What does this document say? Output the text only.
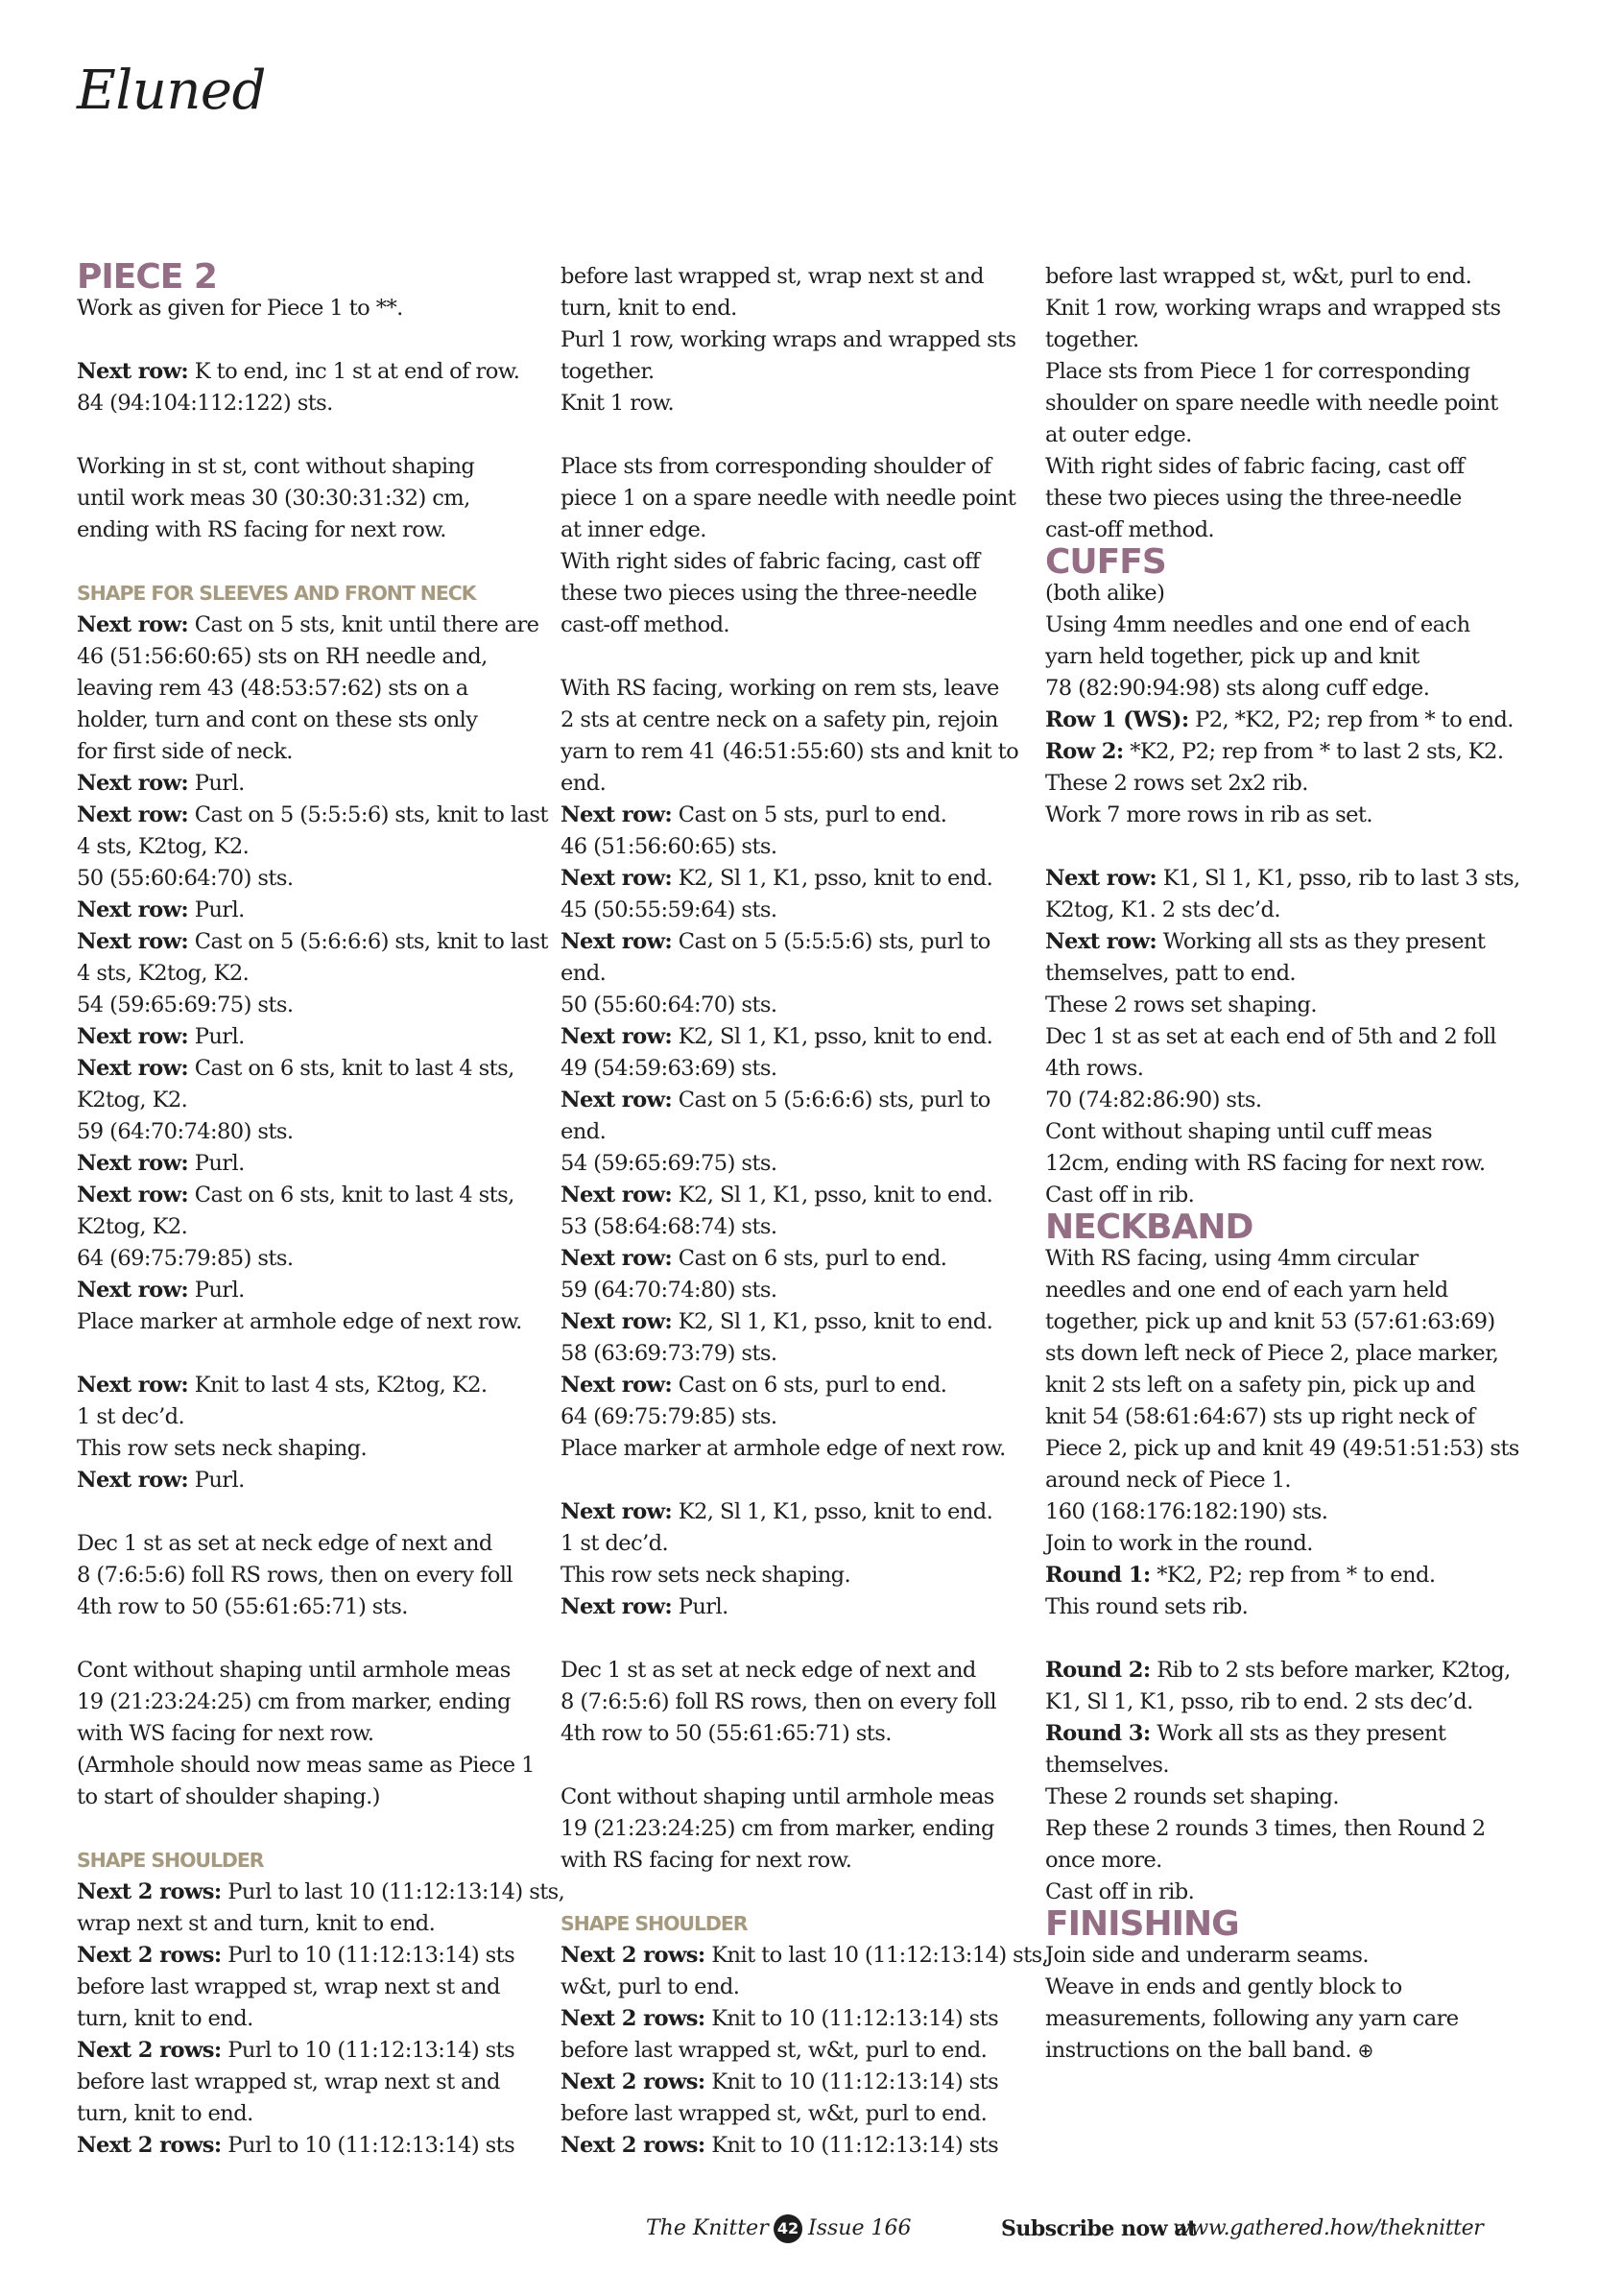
Eluned
PIECE 2
Work as given for Piece 1 to **.
Next row: K to end, inc 1 st at end of row.
84 (94:104:112:122) sts.
Working in st st, cont without shaping
until work meas 30 (30:30:31:32) cm,
ending with RS facing for next row.
SHAPE FOR SLEEVES AND FRONT NECK
Next row: Cast on 5 sts, knit until there are
46 (51:56:60:65) sts on RH needle and,
leaving rem 43 (48:53:57:62) sts on a
holder, turn and cont on these sts only
for first side of neck.
Next row: Purl.
Next row: Cast on 5 (5:5:5:6) sts, knit to last
4 sts, K2tog, K2.
50 (55:60:64:70) sts.
Next row: Purl.
Next row: Cast on 5 (5:6:6:6) sts, knit to last
4 sts, K2tog, K2.
54 (59:65:69:75) sts.
Next row: Purl.
Next row: Cast on 6 sts, knit to last 4 sts,
K2tog, K2.
59 (64:70:74:80) sts.
Next row: Purl.
Next row: Cast on 6 sts, knit to last 4 sts,
K2tog, K2.
64 (69:75:79:85) sts.
Next row: Purl.
Place marker at armhole edge of next row.
Next row: Knit to last 4 sts, K2tog, K2.
1 st dec’d.
This row sets neck shaping.
Next row: Purl.
Dec 1 st as set at neck edge of next and
8 (7:6:5:6) foll RS rows, then on every foll
4th row to 50 (55:61:65:71) sts.
Cont without shaping until armhole meas
19 (21:23:24:25) cm from marker, ending
with WS facing for next row.
(Armhole should now meas same as Piece 1
to start of shoulder shaping.)
SHAPE SHOULDER
Next 2 rows: Purl to last 10 (11:12:13:14) sts,
wrap next st and turn, knit to end.
Next 2 rows: Purl to 10 (11:12:13:14) sts
before last wrapped st, wrap next st and
turn, knit to end.
Next 2 rows: Purl to 10 (11:12:13:14) sts
before last wrapped st, wrap next st and
turn, knit to end.
Next 2 rows: Purl to 10 (11:12:13:14) sts
before last wrapped st, wrap next st and
turn, knit to end.
Purl 1 row, working wraps and wrapped sts
together.
Knit 1 row.
Place sts from corresponding shoulder of
piece 1 on a spare needle with needle point
at inner edge.
With right sides of fabric facing, cast off
these two pieces using the three-needle
cast-off method.
With RS facing, working on rem sts, leave
2 sts at centre neck on a safety pin, rejoin
yarn to rem 41 (46:51:55:60) sts and knit to
end.
Next row: Cast on 5 sts, purl to end.
46 (51:56:60:65) sts.
Next row: K2, Sl 1, K1, psso, knit to end.
45 (50:55:59:64) sts.
Next row: Cast on 5 (5:5:5:6) sts, purl to
end.
50 (55:60:64:70) sts.
Next row: K2, Sl 1, K1, psso, knit to end.
49 (54:59:63:69) sts.
Next row: Cast on 5 (5:6:6:6) sts, purl to
end.
54 (59:65:69:75) sts.
Next row: K2, Sl 1, K1, psso, knit to end.
53 (58:64:68:74) sts.
Next row: Cast on 6 sts, purl to end.
59 (64:70:74:80) sts.
Next row: K2, Sl 1, K1, psso, knit to end.
58 (63:69:73:79) sts.
Next row: Cast on 6 sts, purl to end.
64 (69:75:79:85) sts.
Place marker at armhole edge of next row.
Next row: K2, Sl 1, K1, psso, knit to end.
1 st dec’d.
This row sets neck shaping.
Next row: Purl.
Dec 1 st as set at neck edge of next and
8 (7:6:5:6) foll RS rows, then on every foll
4th row to 50 (55:61:65:71) sts.
Cont without shaping until armhole meas
19 (21:23:24:25) cm from marker, ending
with RS facing for next row.
SHAPE SHOULDER
Next 2 rows: Knit to last 10 (11:12:13:14) sts,
w&t, purl to end.
Next 2 rows: Knit to 10 (11:12:13:14) sts
before last wrapped st, w&t, purl to end.
Next 2 rows: Knit to 10 (11:12:13:14) sts
before last wrapped st, w&t, purl to end.
Next 2 rows: Knit to 10 (11:12:13:14) sts
before last wrapped st, w&t, purl to end.
Knit 1 row, working wraps and wrapped sts
together.
Place sts from Piece 1 for corresponding
shoulder on spare needle with needle point
at outer edge.
With right sides of fabric facing, cast off
these two pieces using the three-needle
cast-off method.
CUFFS
(both alike)
Using 4mm needles and one end of each
yarn held together, pick up and knit
78 (82:90:94:98) sts along cuff edge.
Row 1 (WS): P2, *K2, P2; rep from * to end.
Row 2: *K2, P2; rep from * to last 2 sts, K2.
These 2 rows set 2x2 rib.
Work 7 more rows in rib as set.
Next row: K1, Sl 1, K1, psso, rib to last 3 sts,
K2tog, K1. 2 sts dec’d.
Next row: Working all sts as they present
themselves, patt to end.
These 2 rows set shaping.
Dec 1 st as set at each end of 5th and 2 foll
4th rows.
70 (74:82:86:90) sts.
Cont without shaping until cuff meas
12cm, ending with RS facing for next row.
Cast off in rib.
NECKBAND
With RS facing, using 4mm circular
needles and one end of each yarn held
together, pick up and knit 53 (57:61:63:69)
sts down left neck of Piece 2, place marker,
knit 2 sts left on a safety pin, pick up and
knit 54 (58:61:64:67) sts up right neck of
Piece 2, pick up and knit 49 (49:51:51:53) sts
around neck of Piece 1.
160 (168:176:182:190) sts.
Join to work in the round.
Round 1: *K2, P2; rep from * to end.
This round sets rib.
Round 2: Rib to 2 sts before marker, K2tog,
K1, Sl 1, K1, psso, rib to end. 2 sts dec’d.
Round 3: Work all sts as they present
themselves.
These 2 rounds set shaping.
Rep these 2 rounds 3 times, then Round 2
once more.
Cast off in rib.
FINISHING
Join side and underarm seams.
Weave in ends and gently block to
measurements, following any yarn care
instructions on the ball band. ⊕
The Knitter 42 Issue 166	Subscribe now at
www.gathered.how/theknitter
